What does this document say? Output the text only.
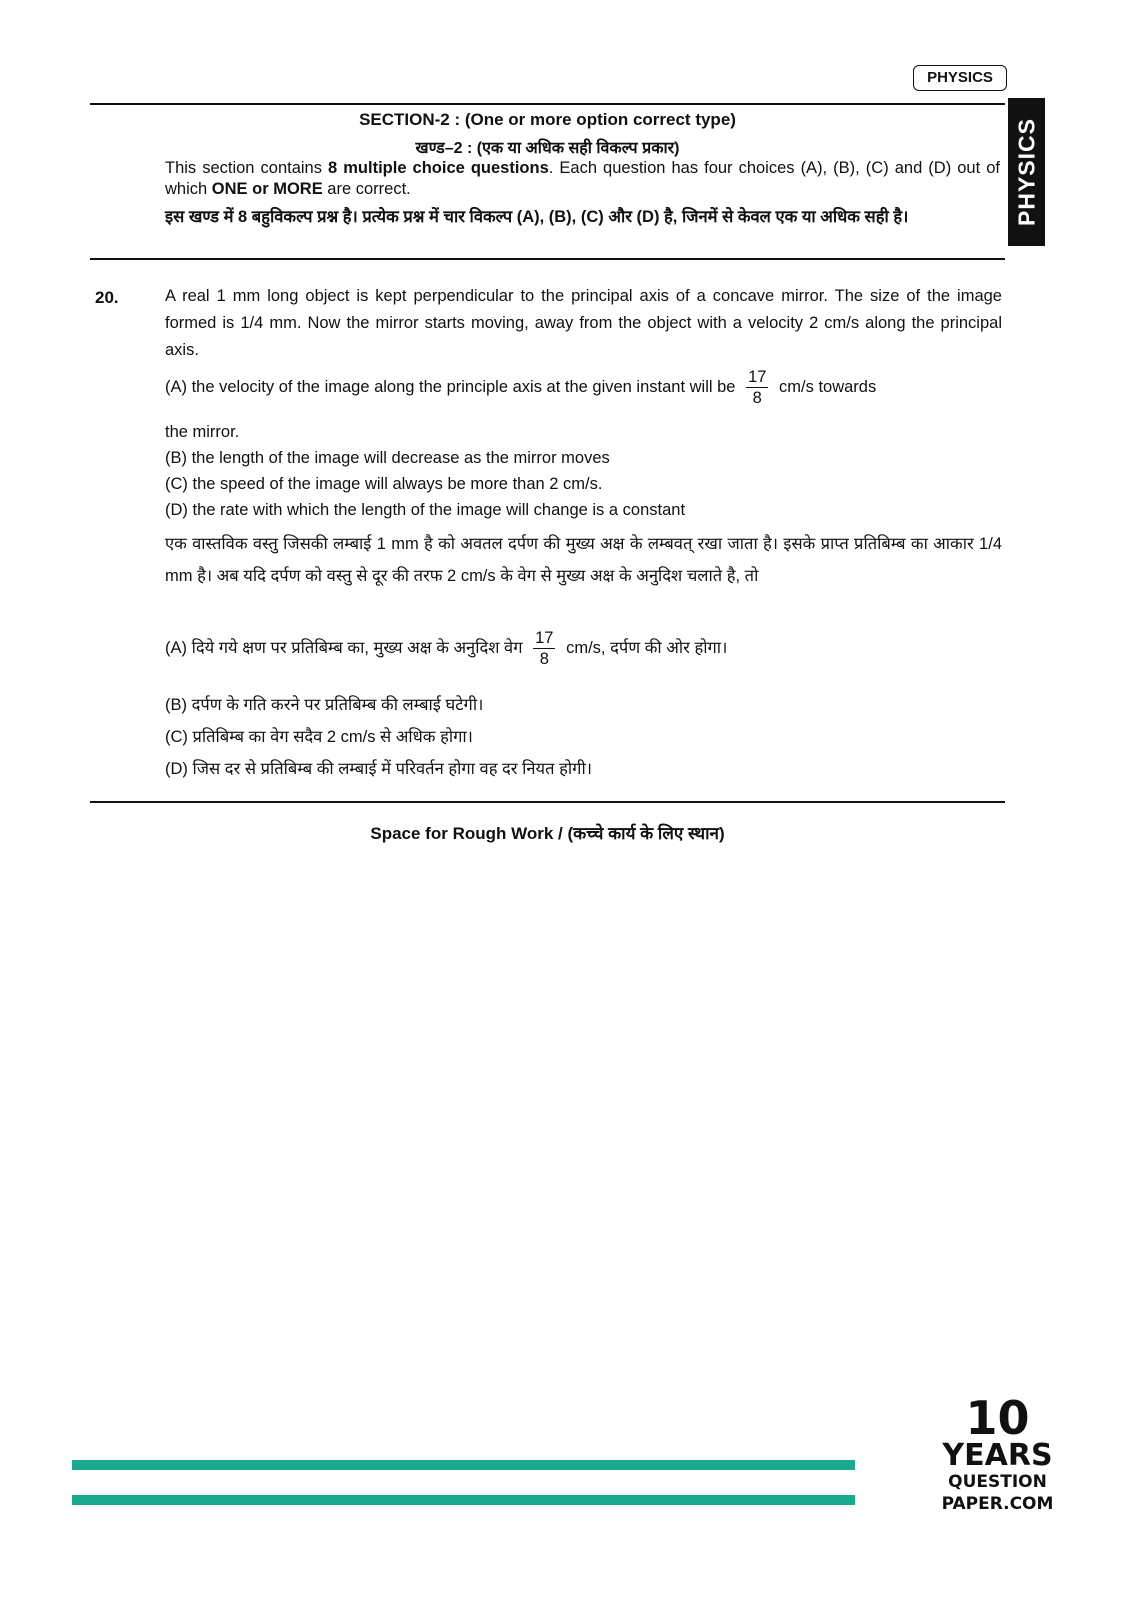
PHYSICS
PHYSICS
SECTION-2 : (One or more option correct type)
खण्ड–2 : (एक या अधिक सही विकल्प प्रकार)
This section contains 8 multiple choice questions. Each question has four choices (A), (B), (C) and (D) out of which ONE or MORE are correct.
इस खण्ड में 8 बहुविकल्प प्रश्न है। प्रत्येक प्रश्न में चार विकल्प (A), (B), (C) और (D) है, जिनमें से केवल एक या अधिक सही है।
20.	A real 1 mm long object is kept perpendicular to the principal axis of a concave mirror. The size of the image formed is 1/4 mm. Now the mirror starts moving, away from the object with a velocity 2 cm/s along the principal axis.
(A) the velocity of the image along the principle axis at the given instant will be $\frac{17}{8} cm/s$ towards
the mirror.
(B) the length of the image will decrease as the mirror moves
(C) the speed of the image will always be more than 2 cm/s.
(D) the rate with which the length of the image will change is a constant
एक वास्तविक वस्तु जिसकी लम्बाई 1 mm है को अवतल दर्पण की मुख्य अक्ष के लम्बवत् रखा जाता है। इसके प्राप्त प्रतिबिम्ब का आकार 1/4 mm है। अब यदि दर्पण को वस्तु से दूर की तरफ 2 cm/s के वेग से मुख्य अक्ष के अनुदिश चलाते है, तो
(A) दिये गये क्षण पर प्रतिबिम्ब का, मुख्य अक्ष के अनुदिश वेग $\frac{17}{8} cm/s$, दर्पण की ओर होगा।
(B) दर्पण के गति करने पर प्रतिबिम्ब की लम्बाई घटेगी।
(C) प्रतिबिम्ब का वेग सदैव 2 cm/s से अधिक होगा।
(D) जिस दर से प्रतिबिम्ब की लम्बाई में परिवर्तन होगा वह दर नियत होगी।
Space for Rough Work / (कच्चे कार्य के लिए स्थान)
10
YEARS
QUESTION PAPER.COM
